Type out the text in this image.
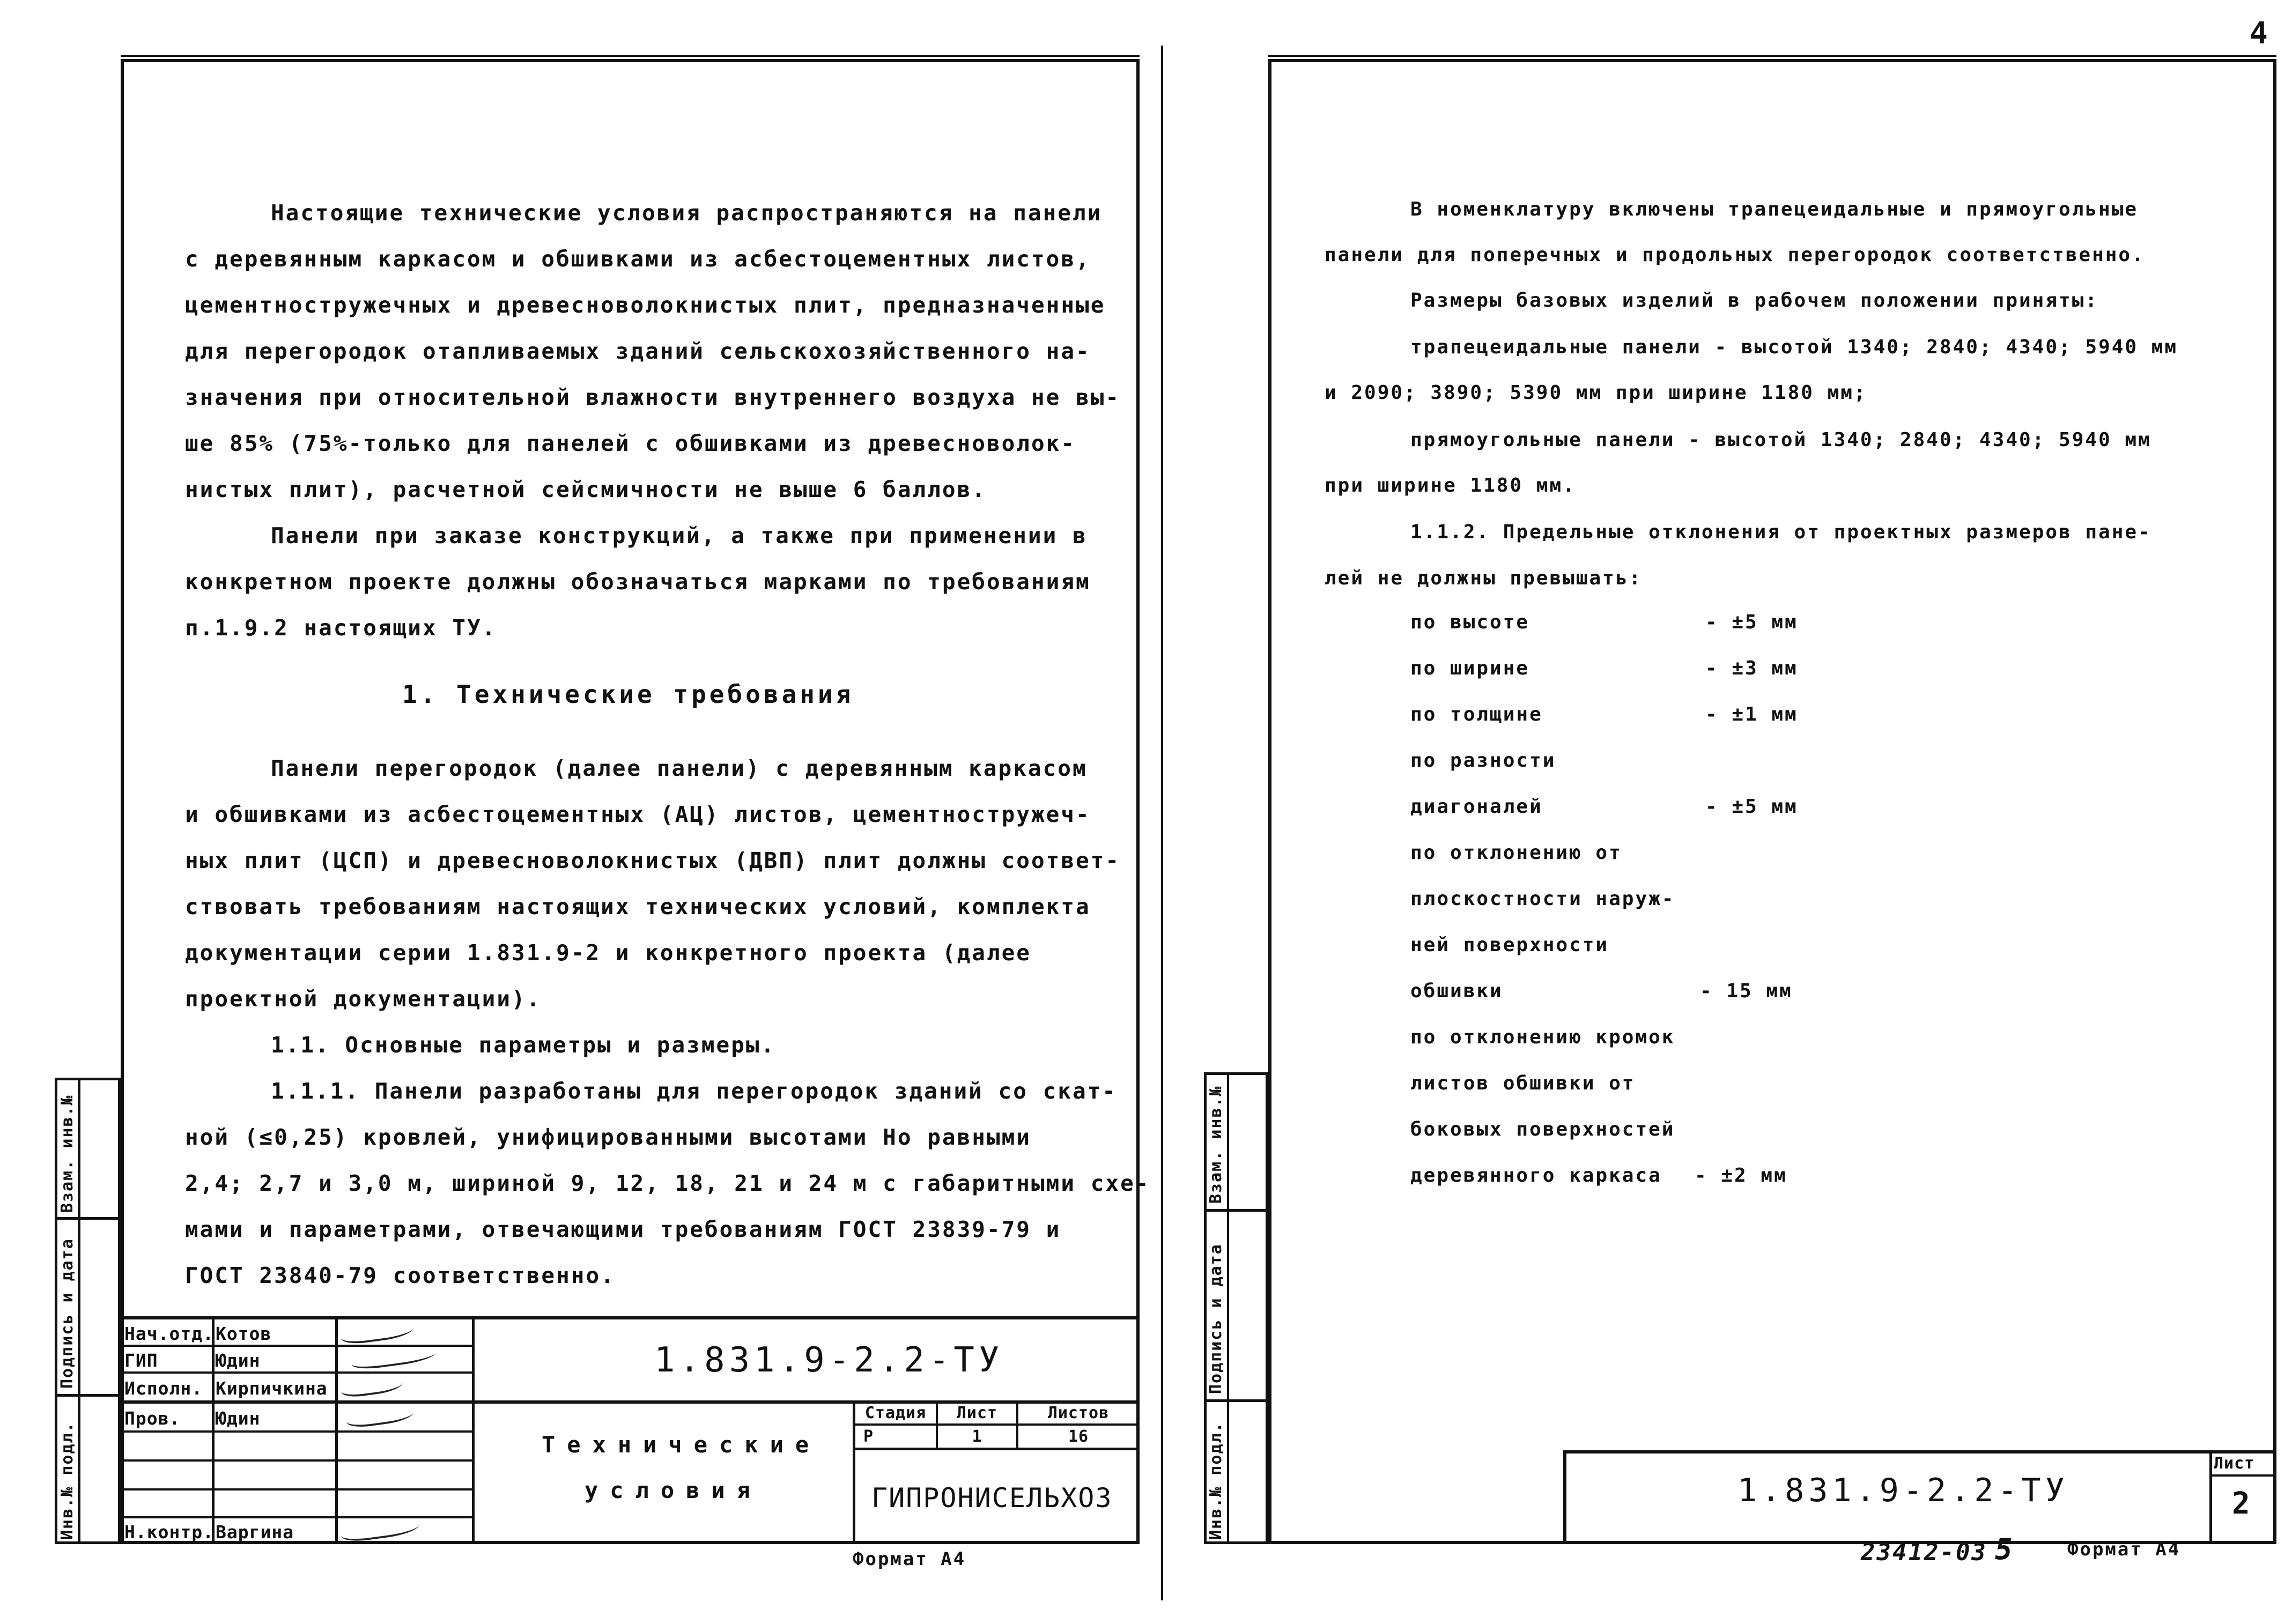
4
Настоящие технические условия распространяются на панели
с деревянным каркасом и обшивками из асбестоцементных листов,
цементностружечных и древесноволокнистых плит, предназначенные
для перегородок отапливаемых зданий сельскохозяйственного на-
значения при относительной влажности внутреннего воздуха не вы-
ше 85% (75%-только для панелей с обшивками из древесноволок-
нистых плит), расчетной сейсмичности не выше 6 баллов.
Панели при заказе конструкций, а также при применении в
конкретном проекте должны обозначаться марками по требованиям
п.1.9.2 настоящих ТУ.
1. Технические требования
Панели перегородок (далее панели) с деревянным каркасом
и обшивками из асбестоцементных (АЦ) листов, цементностружеч-
ных плит (ЦСП) и древесноволокнистых (ДВП) плит должны соответ-
ствовать требованиям настоящих технических условий, комплекта
документации серии 1.831.9-2 и конкретного проекта (далее
проектной документации).
1.1. Основные параметры и размеры.
1.1.1. Панели разработаны для перегородок зданий со скат-
ной (≤0,25) кровлей, унифицированными высотами Но равными
2,4; 2,7 и 3,0 м, шириной 9, 12, 18, 21 и 24 м с габаритными схе-
мами и параметрами, отвечающими требованиям ГОСТ 23839-79 и
ГОСТ 23840-79 соответственно.
Взам. инв.№
Подпись и дата
Инв.№ подл.
Нач.отд. Котов
ГИП	Юдин
Исполн. Кирпичкина
Пров. Юдин
Н.контр. Варгина
1.831.9-2.2-ТУ
Технические
условия
Стадия	Лист	Листов
Р	1	16
ГИПРОНИСЕЛЬХОЗ
Формат А4
В номенклатуру включены трапецеидальные и прямоугольные
панели для поперечных и продольных перегородок соответственно.
Размеры базовых изделий в рабочем положении приняты:
трапецеидальные панели - высотой 1340; 2840; 4340; 5940 мм
и 2090; 3890; 5390 мм при ширине 1180 мм;
прямоугольные панели - высотой 1340; 2840; 4340; 5940 мм
при ширине 1180 мм.
1.1.2. Предельные отклонения от проектных размеров пане-
лей не должны превышать:
по высоте	- ±5 мм
по ширине	- ±3 мм
по толщине	- ±1 мм
по разности
диагоналей	- ±5 мм
по отклонению от
плоскостности наруж-
ней поверхности
обшивки	- 15 мм
по отклонению кромок
листов обшивки от
боковых поверхностей
деревянного каркаса - ±2 мм
Взам. инв.№
Подпись и дата
Инв.№ подл.	1.831.9-2.2-ТУ
Лист
2
23412-03 5	Формат А4
